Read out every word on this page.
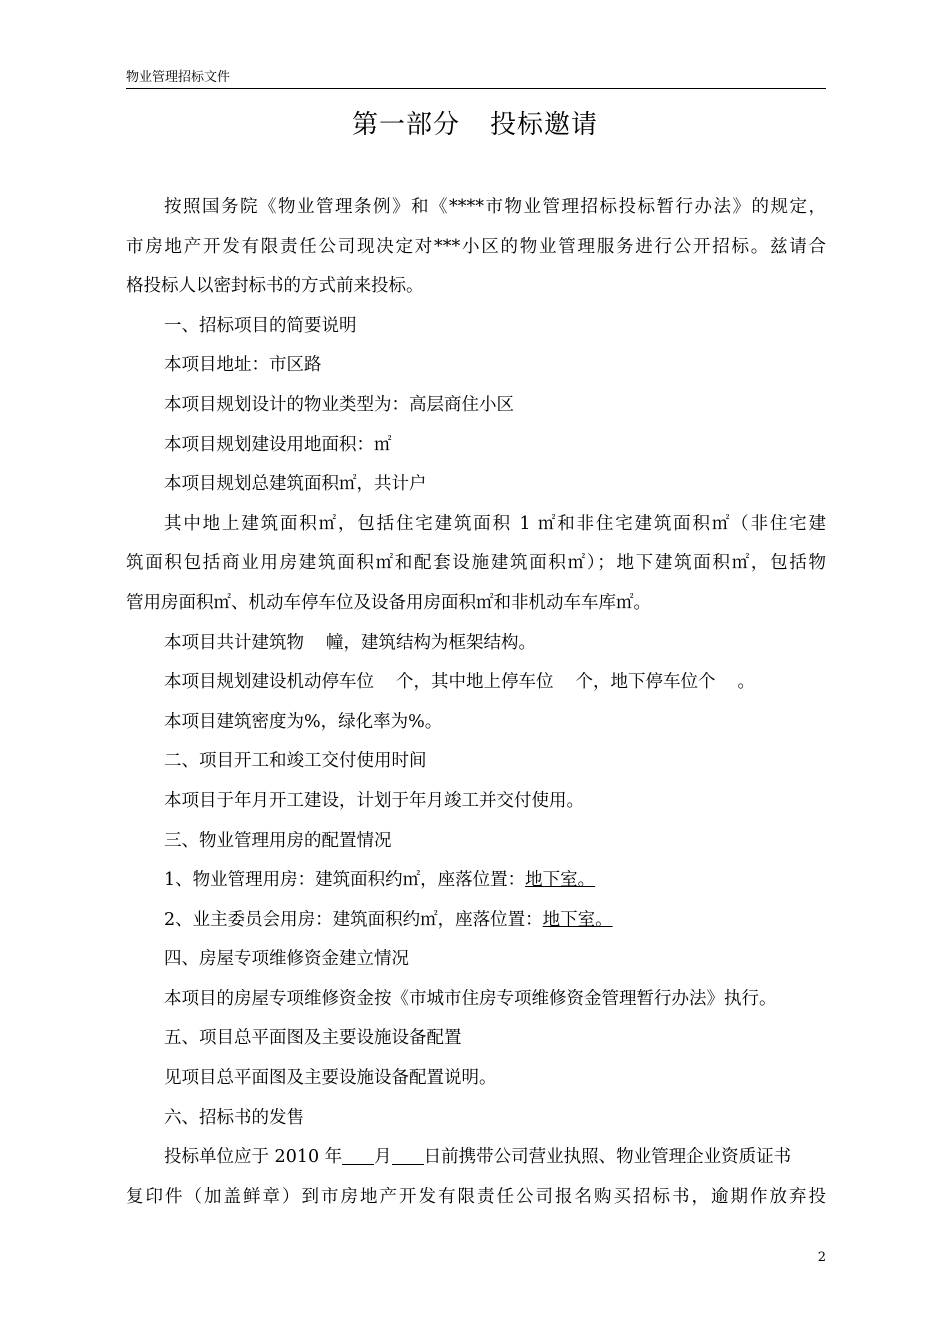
物业管理招标文件
第一部分 投标邀请

按照国务院《物业管理条例》和《****市物业管理招标投标暂行办法》的规定，

市房地产开发有限责任公司现决定对***小区的物业管理服务进行公开招标。兹请合

格投标人以密封标书的方式前来投标。

一、招标项目的简要说明

本项目地址：市区路

本项目规划设计的物业类型为：高层商住小区

本项目规划建设用地面积：㎡

本项目规划总建筑面积㎡，共计户

其中地上建筑面积㎡，包括住宅建筑面积 1 ㎡和非住宅建筑面积㎡（非住宅建

筑面积包括商业用房建筑面积㎡和配套设施建筑面积㎡）；地下建筑面积㎡，包括物

管用房面积㎡、机动车停车位及设备用房面积㎡和非机动车车库㎡。

本项目共计建筑物 幢，建筑结构为框架结构。

本项目规划建设机动停车位 个，其中地上停车位 个，地下停车位个 。

本项目建筑密度为%，绿化率为%。

二、项目开工和竣工交付使用时间

本项目于年月开工建设，计划于年月竣工并交付使用。

三、物业管理用房的配置情况

1、物业管理用房：建筑面积约㎡，座落位置：地下室。

2、业主委员会用房：建筑面积约㎡，座落位置：地下室。

四、房屋专项维修资金建立情况

本项目的房屋专项维修资金按《市城市住房专项维修资金管理暂行办法》执行。

五、项目总平面图及主要设施设备配置

见项目总平面图及主要设施设备配置说明。

六、招标书的发售

投标单位应于 2010 年 月 日前携带公司营业执照、物业管理企业资质证书

复印件（加盖鲜章）到市房地产开发有限责任公司报名购买招标书，逾期作放弃投

2
